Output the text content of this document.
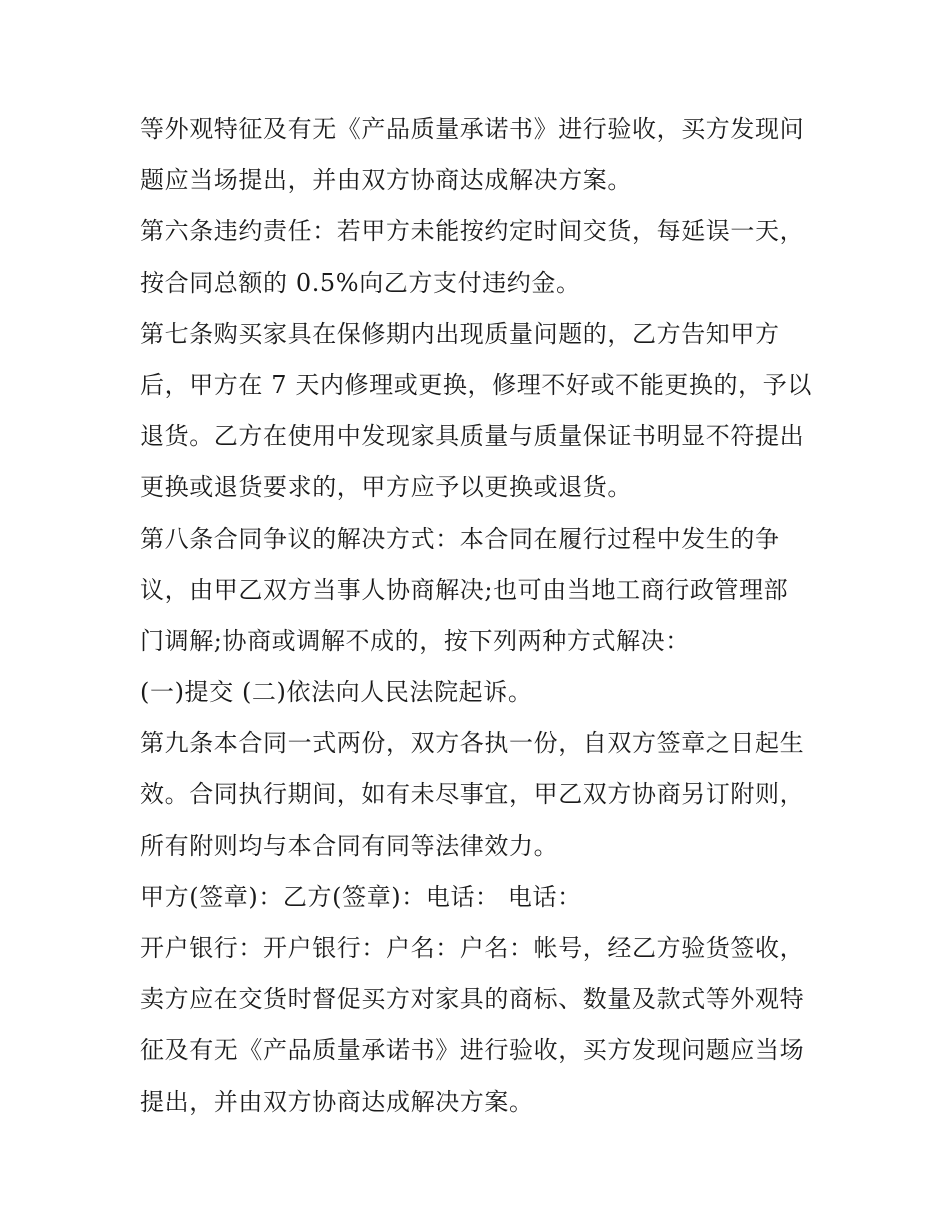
等外观特征及有无《产品质量承诺书》进行验收，买方发现问
题应当场提出，并由双方协商达成解决方案。
第六条违约责任：若甲方未能按约定时间交货，每延误一天，
按合同总额的 0.5%向乙方支付违约金。
第七条购买家具在保修期内出现质量问题的，乙方告知甲方
后，甲方在 7 天内修理或更换，修理不好或不能更换的，予以
退货。乙方在使用中发现家具质量与质量保证书明显不符提出
更换或退货要求的，甲方应予以更换或退货。
第八条合同争议的解决方式：本合同在履行过程中发生的争
议，由甲乙双方当事人协商解决;也可由当地工商行政管理部
门调解;协商或调解不成的，按下列两种方式解决：
(一)提交 (二)依法向人民法院起诉。
第九条本合同一式两份，双方各执一份，自双方签章之日起生
效。合同执行期间，如有未尽事宜，甲乙双方协商另订附则，
所有附则均与本合同有同等法律效力。
甲方(签章)：乙方(签章)：电话： 电话：
开户银行：开户银行：户名：户名：帐号，经乙方验货签收，
卖方应在交货时督促买方对家具的商标、数量及款式等外观特
征及有无《产品质量承诺书》进行验收，买方发现问题应当场
提出，并由双方协商达成解决方案。
